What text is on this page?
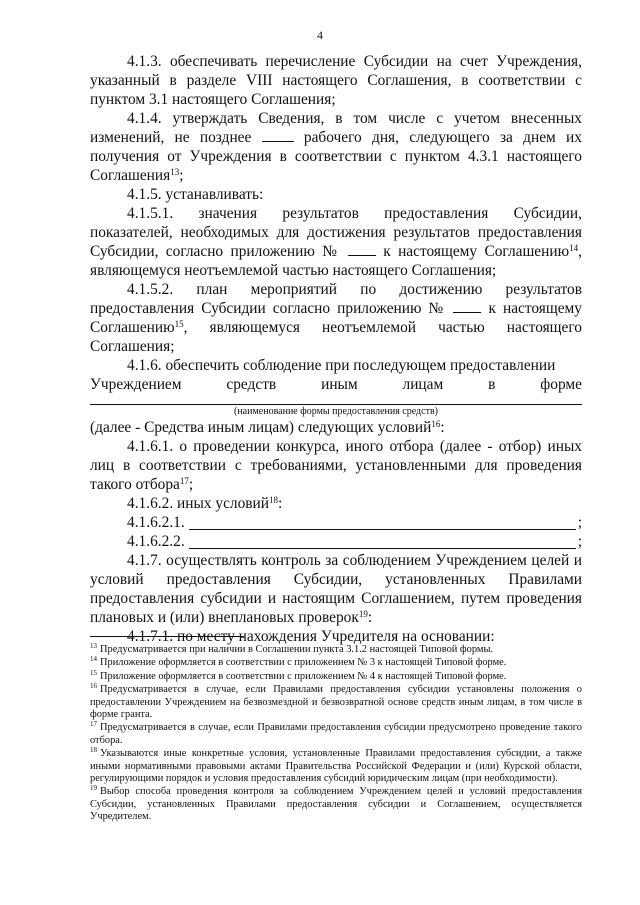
4

4.1.3. обеспечивать перечисление Субсидии на счет Учреждения, указанный в разделе VIII настоящего Соглашения, в соответствии с пунктом 3.1 настоящего Соглашения;

4.1.4. утверждать Сведения, в том числе с учетом внесенных изменений, не позднее	рабочего дня, следующего за днем их получения от Учреждения в соответствии с пунктом 4.3.1 настоящего Соглашения$^{13}$;

4.1.5. устанавливать:

4.1.5.1. значения результатов предоставления Субсидии, показателей, необходимых для достижения результатов предоставления Субсидии, согласно приложению №	к настоящему Соглашению$^{14}$, являющемуся неотъемлемой частью настоящего Соглашения;

4.1.5.2. план мероприятий по достижению результатов предоставления Субсидии согласно приложению №	к настоящему Соглашению$^{15}$, являющемуся неотъемлемой частью настоящего Соглашения;

4.1.6. обеспечить соблюдение при последующем предоставлении

Учреждением	средств	иным	лицам	в	форме
(наименование формы предоставления средств)

(далее - Средства иным лицам) следующих условий$^{16}$:

4.1.6.1. о проведении конкурса, иного отбора (далее - отбор) иных лиц в соответствии с требованиями, установленными для проведения такого отбора$^{17}$;

4.1.6.2. иных условий$^{18}$:

4.1.6.2.1.	;
4.1.6.2.2.	;

4.1.7. осуществлять контроль за соблюдением Учреждением целей и условий предоставления Субсидии, установленных Правилами предоставления субсидии и настоящим Соглашением, путем проведения плановых и (или) внеплановых проверок$^{19}$:

4.1.7.1. по месту нахождения Учредителя на основании:

$^{13}$ Предусматривается при наличии в Соглашении пункта 3.1.2 настоящей Типовой формы.

$^{14}$ Приложение оформляется в соответствии с приложением № 3 к настоящей Типовой форме.

$^{15}$ Приложение оформляется в соответствии с приложением № 4 к настоящей Типовой форме.

$^{16}$ Предусматривается в случае, если Правилами предоставления субсидии установлены положения о предоставлении Учреждением на безвозмездной и безвозвратной основе средств иным лицам, в том числе в форме гранта.

$^{17}$ Предусматривается в случае, если Правилами предоставления субсидии предусмотрено проведение такого отбора.

$^{18}$ Указываются иные конкретные условия, установленные Правилами предоставления субсидии, а также иными нормативными правовыми актами Правительства Российской Федерации и (или) Курской области, регулирующими порядок и условия предоставления субсидий юридическим лицам (при необходимости).

$^{19}$ Выбор способа проведения контроля за соблюдением Учреждением целей и условий предоставления Субсидии, установленных Правилами предоставления субсидии и Соглашением, осуществляется Учредителем.
